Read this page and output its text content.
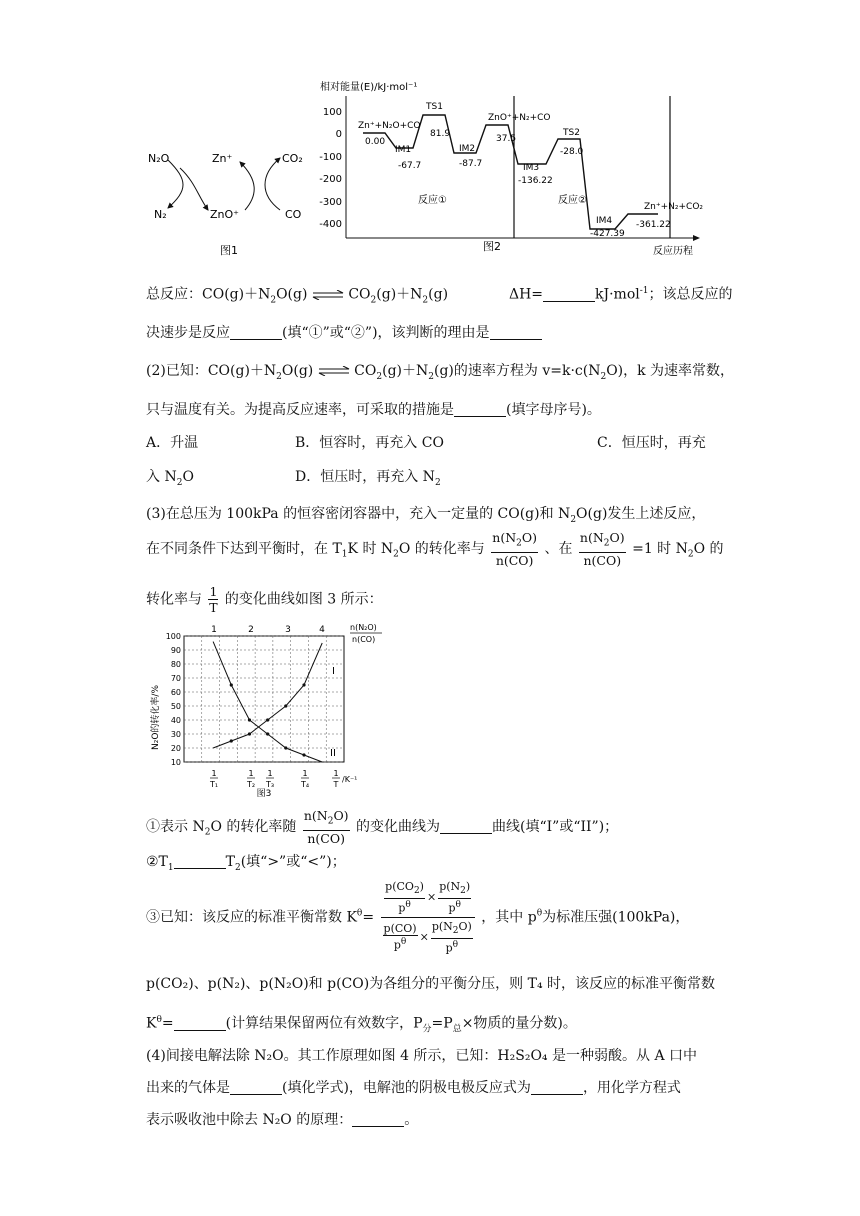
N₂O	Zn⁺	CO₂
N₂	ZnO⁺	CO
图1
相对能量(E)/kJ·mol⁻¹
100
0
-100
-200
-300
-400
Zn⁺+N₂O+CO
0.00
IM1
-67.7
TS1
81.9
IM2
-87.7
ZnO⁺+N₂+CO
37.5
IM3
-136.22
TS2
-28.0
IM4
-427.39
Zn⁺+N₂+CO₂
-361.22
反应①	反应②
图2	反应历程
总反应：$CO(g)+N_2O(g)$ ⇌ $CO_2(g)+N_2(g)$	ΔH=	kJ·mol$^{-1}$；该总反应的
决速步是反应	(填“①”或“②”)，该判断的理由是
(2)已知：$CO(g)+N_2O(g)$ ⇌ $CO_2(g)+N_2(g)$的速率方程为 $v=k\cdot c(N_2O)$，k 为速率常数，
只与温度有关。为提高反应速率，可采取的措施是	(填字母序号)。
A．升温	B．恒容时，再充入 CO	C．恒压时，再充
入 $N_2O$	D．恒压时，再充入 $N_2$
(3)在总压为 100kPa 的恒容密闭容器中，充入一定量的 CO(g)和 $N_2O(g)$发生上述反应，
在不同条件下达到平衡时，在 $T_1K$ 时 $N_2O$ 的转化率与 $\frac{n(N_2O)}{n(CO)}$ 、在 $\frac{n(N_2O)}{n(CO)} =1$ 时 $N_2O$ 的
转化率与 $\frac{1}{T}$ 的变化曲线如图 3 所示：
100
90
80
70
60
50
40
30
20
10
N₂O的转化率/%
1	2	3	4	n(N₂O)
n(CO)
I
II
1
T₁
1
T₂
1
T₃
1
T₄
1
T
/K⁻¹
图3
①表示 $N_2O$ 的转化率随 $\frac{n(N_2O)}{n(CO)}$ 的变化曲线为	曲线(填“I”或“II”)；
$②T_1$	$T_2$(填“>”或“<”)；
③已知：该反应的标准平衡常数 $K^\theta= \frac{\frac{p(CO_2)}{p^\theta} \times \frac{p(N_2)}{p^\theta}}{\frac{p(CO)}{p^\theta} \times \frac{p(N_2O)}{p^\theta}}$ ，其中 $p^\theta$为标准压强(100kPa)，
p(CO₂)、p(N₂)、p(N₂O)和 p(CO)为各组分的平衡分压，则 T₄ 时，该反应的标准平衡常数
$K^\theta=$	(计算结果保留两位有效数字，$P_分=P_总\times$物质的量分数)。
(4)间接电解法除 N₂O。其工作原理如图 4 所示，已知：H₂S₂O₄ 是一种弱酸。从 A 口中
出来的气体是	(填化学式)，电解池的阴极电极反应式为	，用化学方程式
表示吸收池中除去 N₂O 的原理：	。
